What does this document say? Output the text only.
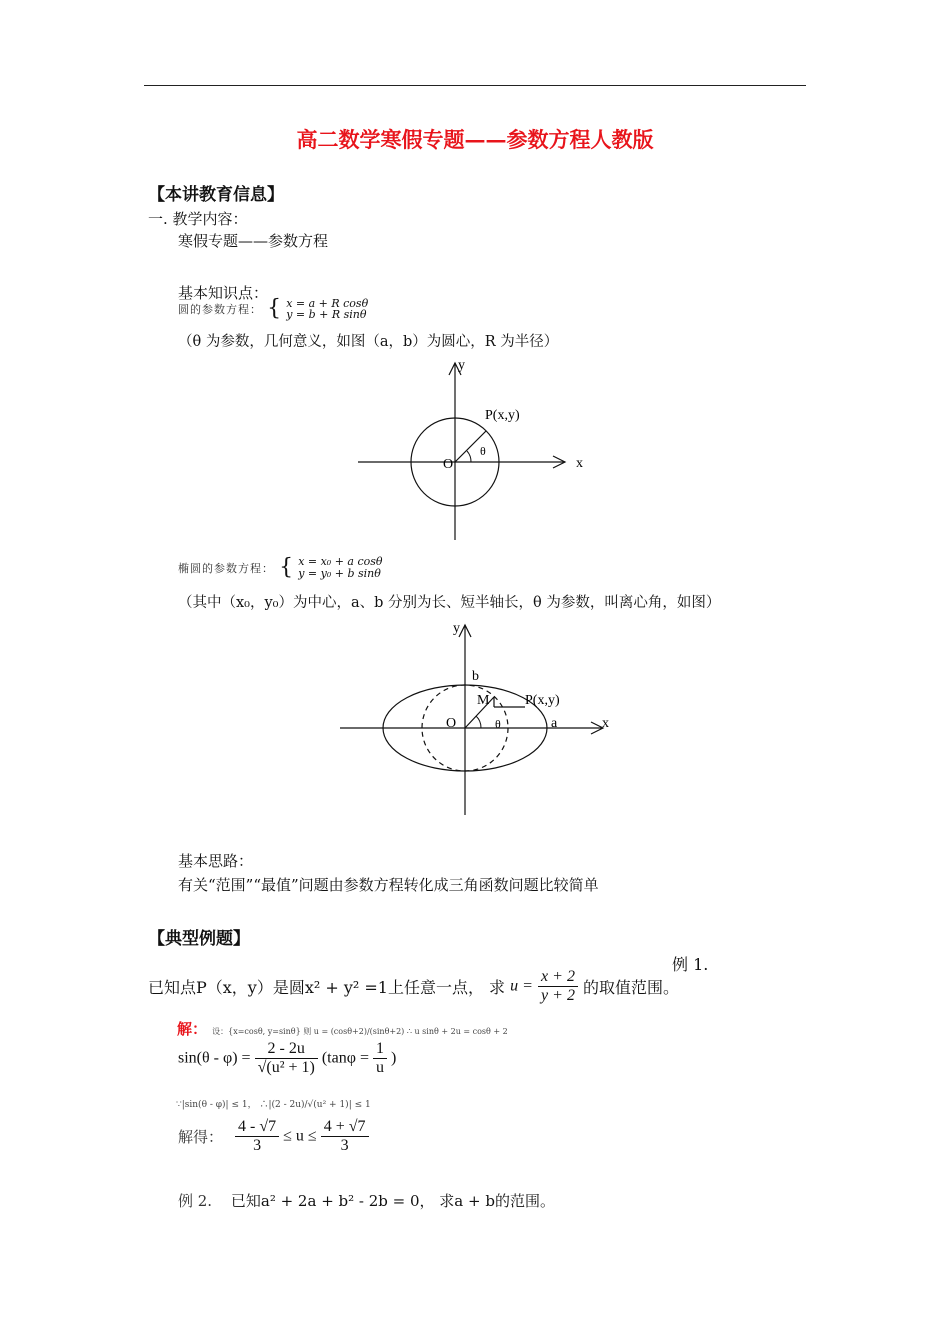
高二数学寒假专题——参数方程人教版
【本讲教育信息】
一. 教学内容：
寒假专题——参数方程
基本知识点：
圆的参数方程： { x = a + R cosθ
y = b + R sinθ
（θ 为参数，几何意义，如图（a，b）为圆心，R 为半径）
y
x
O
P(x,y)
θ
椭圆的参数方程： { x = x₀ + a cosθ
y = y₀ + b sinθ
（其中（x₀，y₀）为中心，a、b 分别为长、短半轴长，θ 为参数，叫离心角，如图）
y
x
O
P(x,y)
θ
M
a
b
基本思路：
有关“范围”“最值”问题由参数方程转化成三角函数问题比较简单
【典型例题】
例 1.
已知点P（x，y）是圆x² + y² =1上任意一点， 求 $u = \frac{x + 2}{y + 2}$ 的取值范围。
解： 设：{x=cosθ, y=sinθ} 则 u = (cosθ+2)/(sinθ+2) ∴ u sinθ + 2u = cosθ + 2
$\sin(\theta - \varphi) = \frac{2 - 2u}{\text{√(u² + 1)}} (\tan\varphi = \frac{1}{u}$ )
∵|sin(θ - φ)| ≤ 1， ∴|(2 - 2u)/√(u² + 1)| ≤ 1
解得： $\frac{4 - √7}{3} \le u \le \frac{4 + √7}{3}$
例 2. 已知a² + 2a + b² - 2b = 0， 求a + b的范围。
